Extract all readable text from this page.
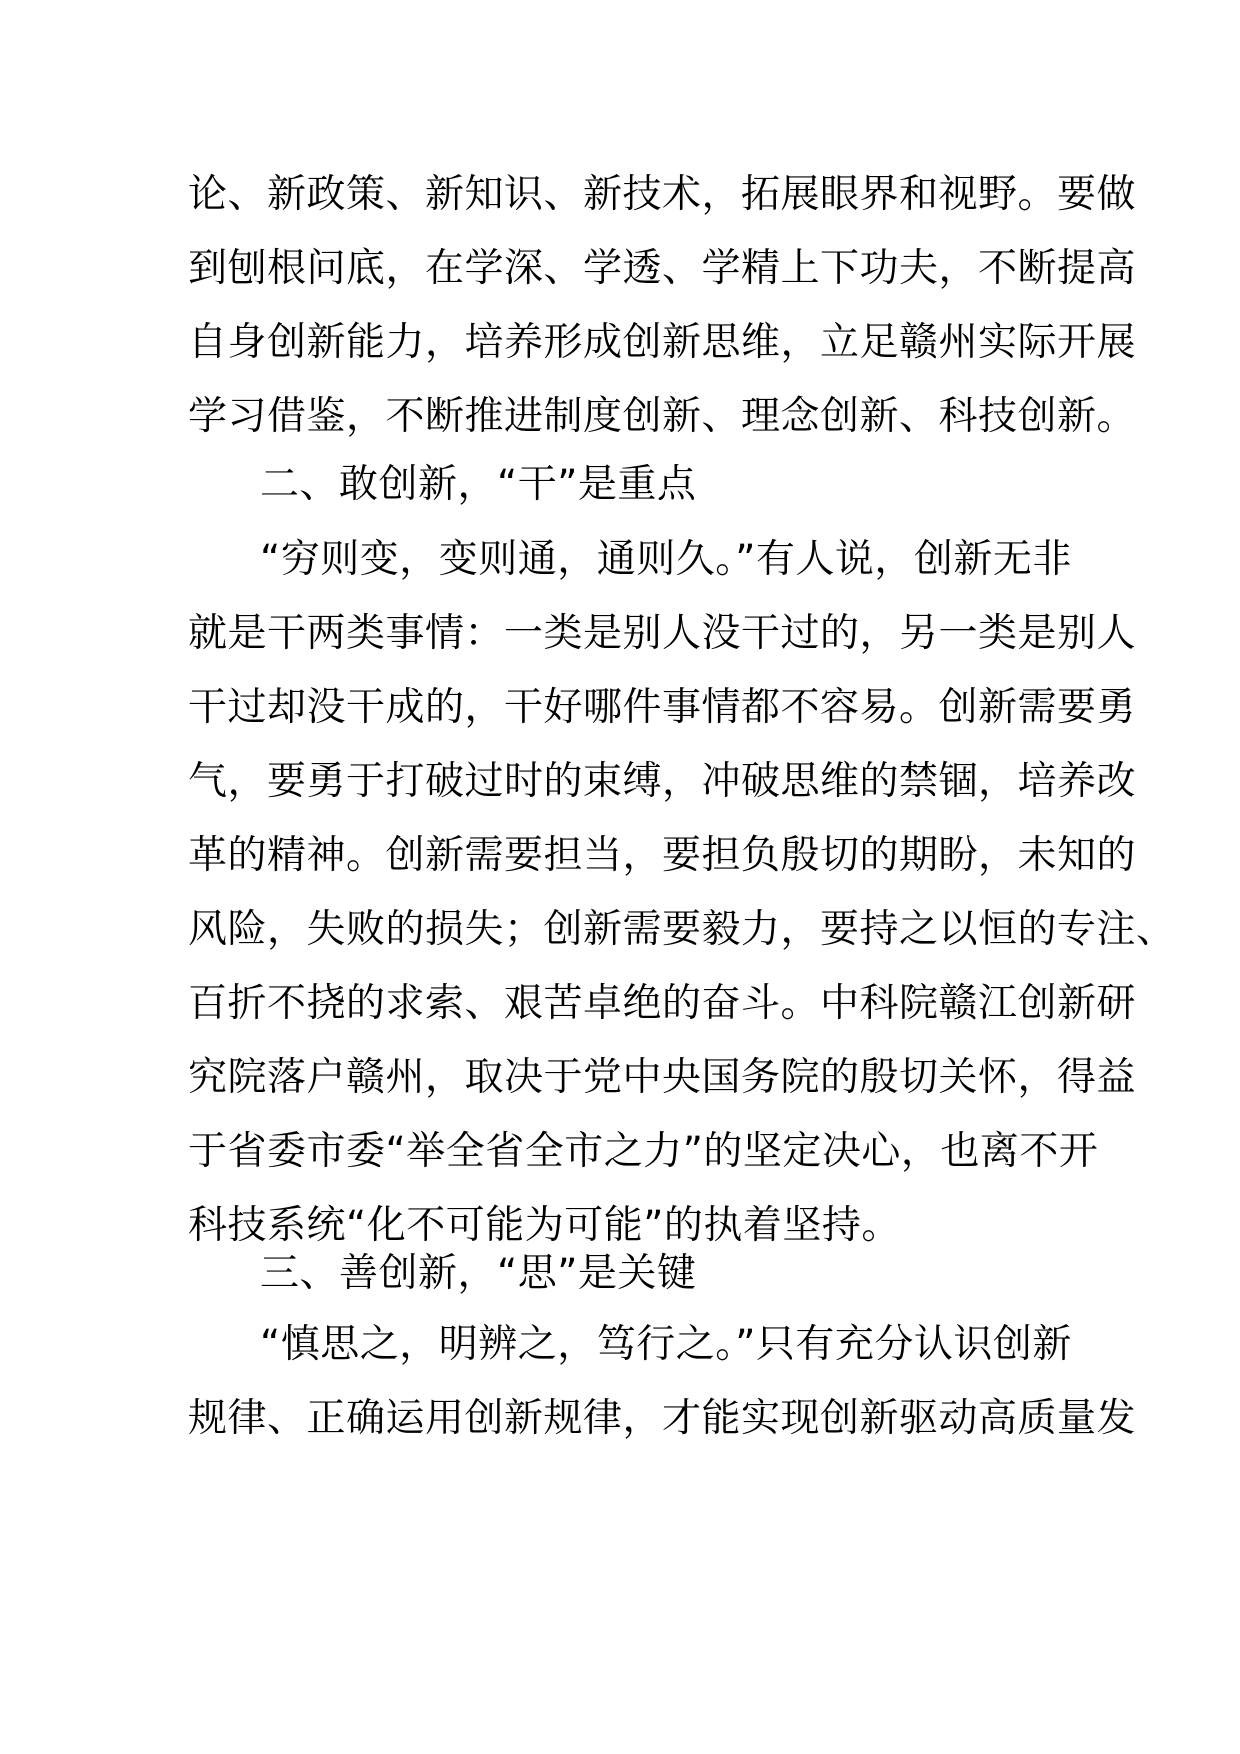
论、新政策、新知识、新技术，拓展眼界和视野。要做
到刨根问底，在学深、学透、学精上下功夫，不断提高
自身创新能力，培养形成创新思维，立足赣州实际开展
学习借鉴，不断推进制度创新、理念创新、科技创新。
二、敢创新，“干”是重点
“穷则变，变则通，通则久。”有人说，创新无非
就是干两类事情：一类是别人没干过的，另一类是别人
干过却没干成的，干好哪件事情都不容易。创新需要勇
气，要勇于打破过时的束缚，冲破思维的禁锢，培养改
革的精神。创新需要担当，要担负殷切的期盼，未知的
风险，失败的损失；创新需要毅力，要持之以恒的专注、
百折不挠的求索、艰苦卓绝的奋斗。中科院赣江创新研
究院落户赣州，取决于党中央国务院的殷切关怀，得益
于省委市委“举全省全市之力”的坚定决心，也离不开
科技系统“化不可能为可能”的执着坚持。
三、善创新，“思”是关键
“慎思之，明辨之，笃行之。”只有充分认识创新
规律、正确运用创新规律，才能实现创新驱动高质量发
